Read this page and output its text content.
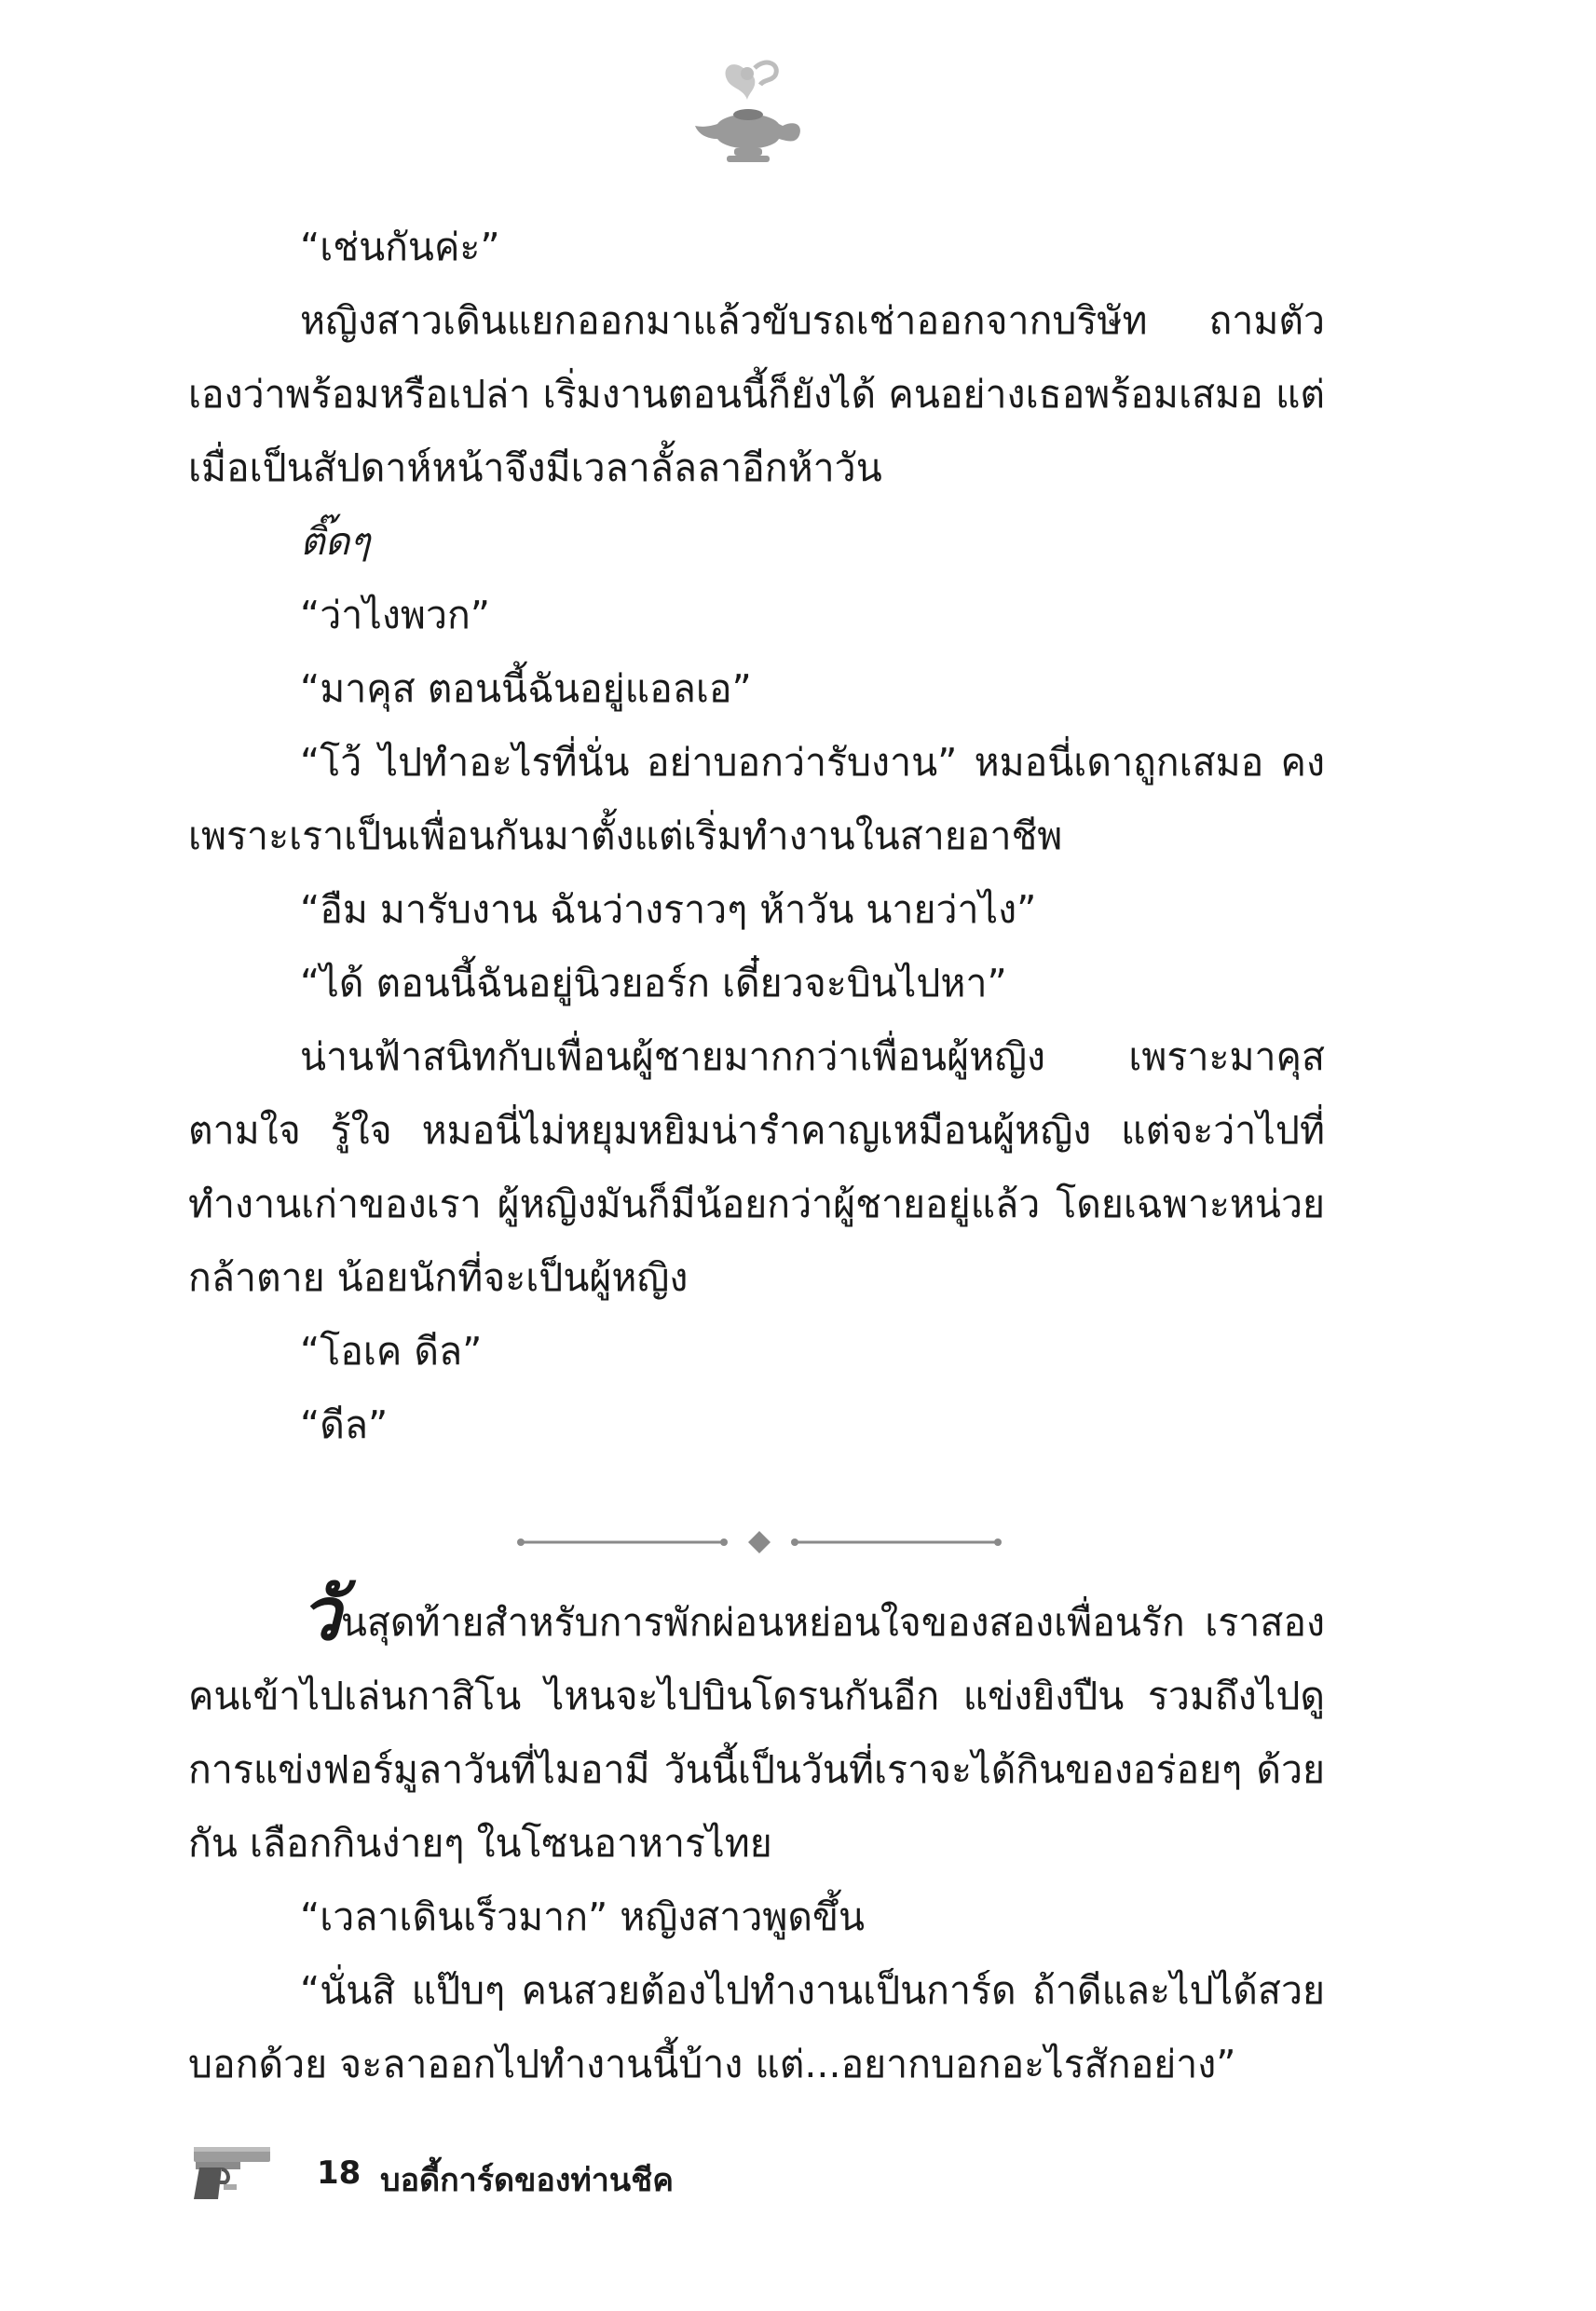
“เช่นกันค่ะ”

หญิงสาวเดินแยกออกมาแล้วขับรถเช่าออกจากบริษัท ถามตัวเองว่าพร้อมหรือเปล่า เริ่มงานตอนนี้ก็ยังได้ คนอย่างเธอพร้อมเสมอ แต่เมื่อเป็นสัปดาห์หน้าจึงมีเวลาลั้ลลาอีกห้าวัน

ติ๊ดๆ

“ว่าไงพวก”

“มาคุส ตอนนี้ฉันอยู่แอลเอ”

“โว้ ไปทำอะไรที่นั่น อย่าบอกว่ารับงาน” หมอนี่เดาถูกเสมอ คงเพราะเราเป็นเพื่อนกันมาตั้งแต่เริ่มทำงานในสายอาชีพ

“อืม มารับงาน ฉันว่างราวๆ ห้าวัน นายว่าไง”

“ได้ ตอนนี้ฉันอยู่นิวยอร์ก เดี๋ยวจะบินไปหา”

น่านฟ้าสนิทกับเพื่อนผู้ชายมากกว่าเพื่อนผู้หญิง เพราะมาคุสตามใจ รู้ใจ หมอนี่ไม่หยุมหยิมน่ารำคาญเหมือนผู้หญิง แต่จะว่าไปที่ทำงานเก่าของเรา ผู้หญิงมันก็มีน้อยกว่าผู้ชายอยู่แล้ว โดยเฉพาะหน่วยกล้าตาย น้อยนักที่จะเป็นผู้หญิง

“โอเค ดีล”

“ดีล”

วันสุดท้ายสำหรับการพักผ่อนหย่อนใจของสองเพื่อนรัก เราสองคนเข้าไปเล่นกาสิโน ไหนจะไปบินโดรนกันอีก แข่งยิงปืน รวมถึงไปดูการแข่งฟอร์มูลาวันที่ไมอามี วันนี้เป็นวันที่เราจะได้กินของอร่อยๆ ด้วยกัน เลือกกินง่ายๆ ในโซนอาหารไทย

“เวลาเดินเร็วมาก” หญิงสาวพูดขึ้น

“นั่นสิ แป๊บๆ คนสวยต้องไปทำงานเป็นการ์ด ถ้าดีและไปได้สวยบอกด้วย จะลาออกไปทำงานนี้บ้าง แต่...อยากบอกอะไรสักอย่าง”

18 บอดี้การ์ดของท่านชีค
